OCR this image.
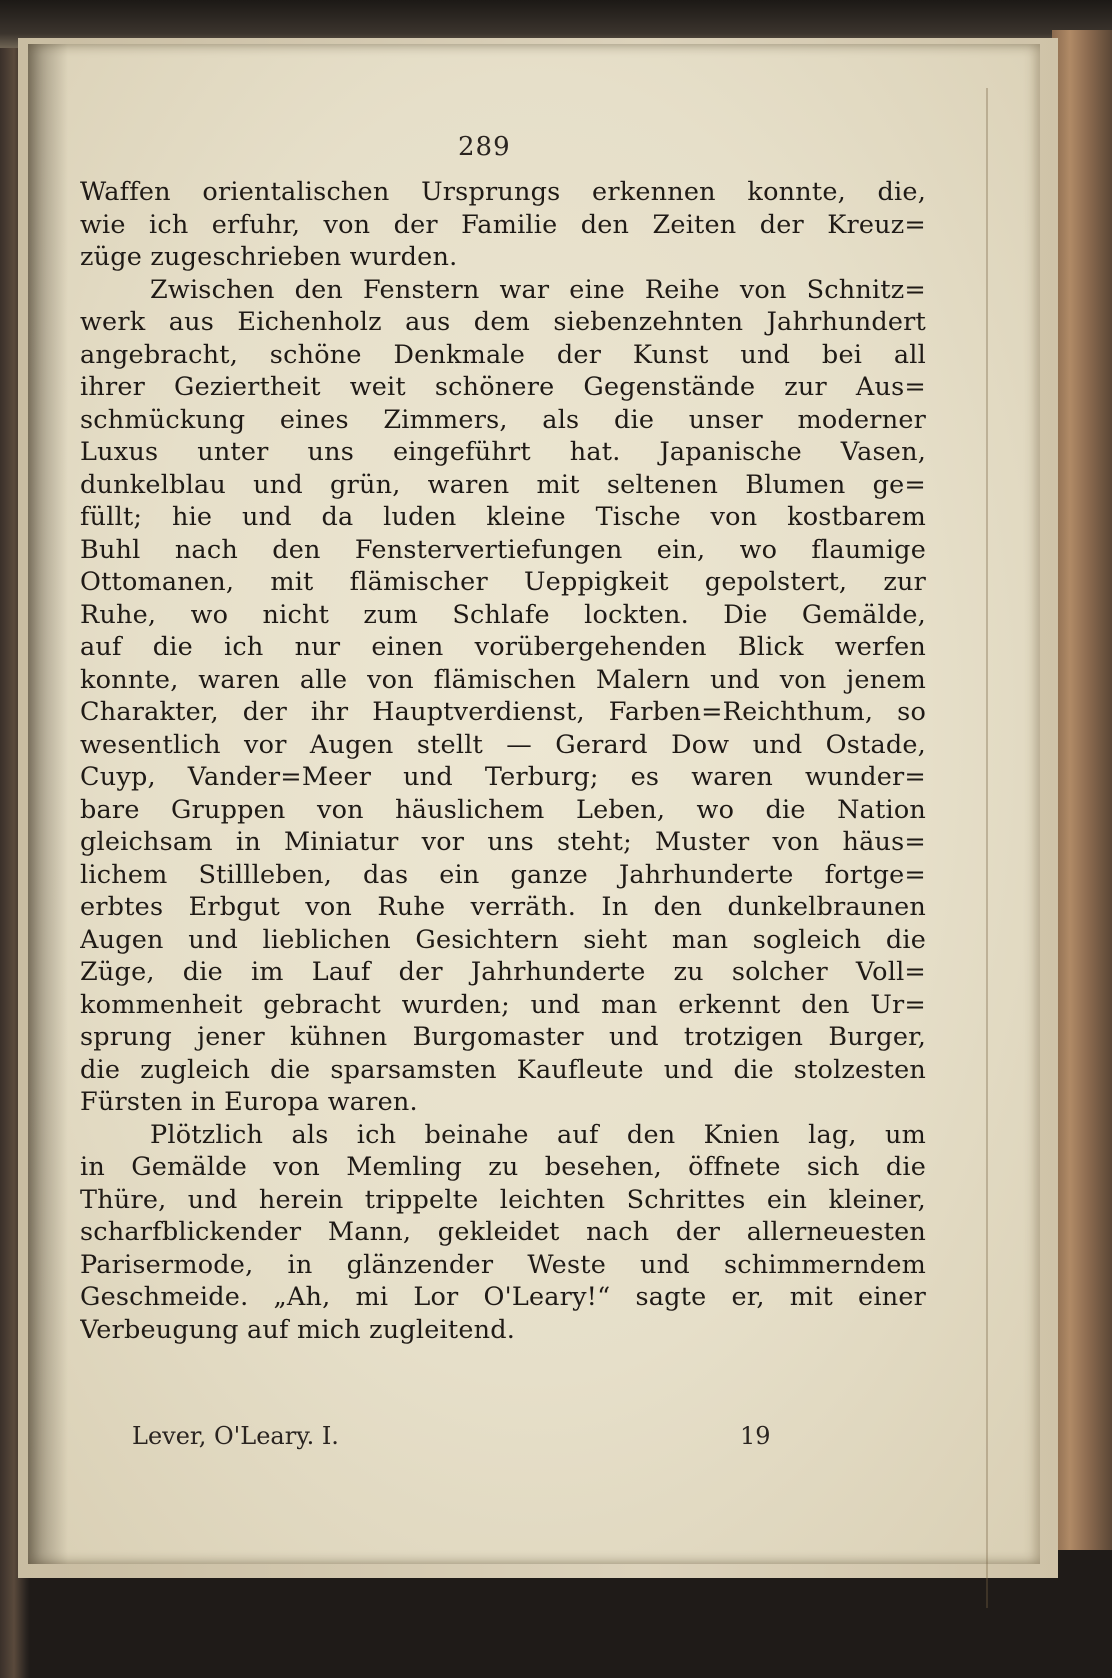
289
Waffen orientalischen Ursprungs erkennen konnte, die,
wie ich erfuhr, von der Familie den Zeiten der Kreuz=
züge zugeschrieben wurden.
Zwischen den Fenstern war eine Reihe von Schnitz=
werk aus Eichenholz aus dem siebenzehnten Jahrhundert
angebracht, schöne Denkmale der Kunst und bei all
ihrer Geziertheit weit schönere Gegenstände zur Aus=
schmückung eines Zimmers, als die unser moderner
Luxus unter uns eingeführt hat. Japanische Vasen,
dunkelblau und grün, waren mit seltenen Blumen ge=
füllt; hie und da luden kleine Tische von kostbarem
Buhl nach den Fenstervertiefungen ein, wo flaumige
Ottomanen, mit flämischer Ueppigkeit gepolstert, zur
Ruhe, wo nicht zum Schlafe lockten. Die Gemälde,
auf die ich nur einen vorübergehenden Blick werfen
konnte, waren alle von flämischen Malern und von jenem
Charakter, der ihr Hauptverdienst, Farben=Reichthum, so
wesentlich vor Augen stellt — Gerard Dow und Ostade,
Cuyp, Vander=Meer und Terburg; es waren wunder=
bare Gruppen von häuslichem Leben, wo die Nation
gleichsam in Miniatur vor uns steht; Muster von häus=
lichem Stillleben, das ein ganze Jahrhunderte fortge=
erbtes Erbgut von Ruhe verräth. In den dunkelbraunen
Augen und lieblichen Gesichtern sieht man sogleich die
Züge, die im Lauf der Jahrhunderte zu solcher Voll=
kommenheit gebracht wurden; und man erkennt den Ur=
sprung jener kühnen Burgomaster und trotzigen Burger,
die zugleich die sparsamsten Kaufleute und die stolzesten
Fürsten in Europa waren.
Plötzlich als ich beinahe auf den Knien lag, um
in Gemälde von Memling zu besehen, öffnete sich die
Thüre, und herein trippelte leichten Schrittes ein kleiner,
scharfblickender Mann, gekleidet nach der allerneuesten
Parisermode, in glänzender Weste und schimmerndem
Geschmeide. „Ah, mi Lor O'Leary!“ sagte er, mit einer
Verbeugung auf mich zugleitend.
Lever, O'Leary. I.	19
